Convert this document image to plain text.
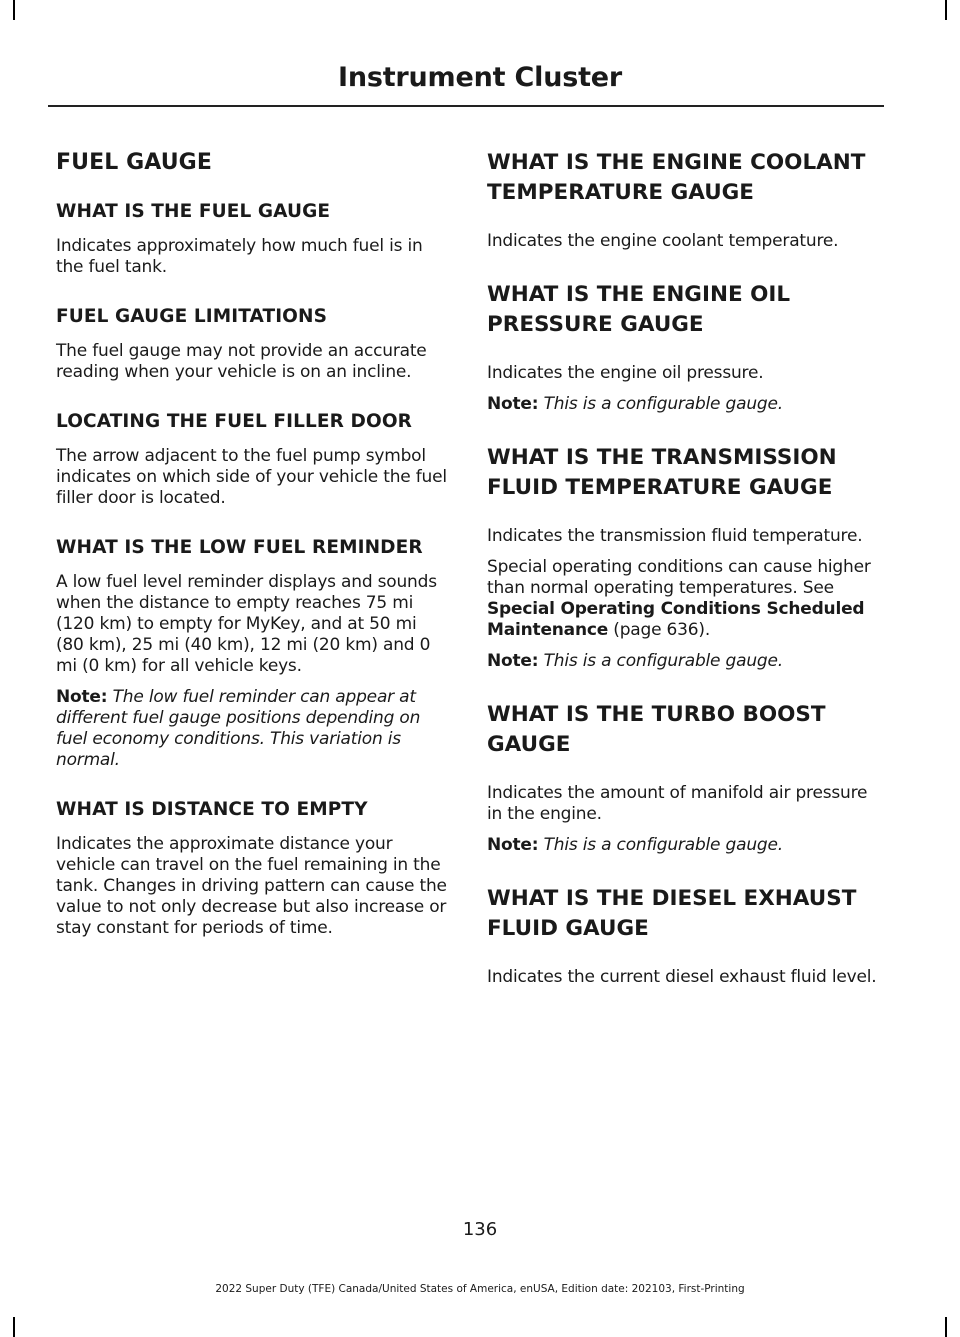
Instrument Cluster
FUEL GAUGE
WHAT IS THE FUEL GAUGE

Indicates approximately how much fuel is in the fuel tank.

FUEL GAUGE LIMITATIONS

The fuel gauge may not provide an accurate reading when your vehicle is on an incline.

LOCATING THE FUEL FILLER DOOR

The arrow adjacent to the fuel pump symbol indicates on which side of your vehicle the fuel filler door is located.

WHAT IS THE LOW FUEL REMINDER

A low fuel level reminder displays and sounds when the distance to empty reaches 75 mi (120 km) to empty for MyKey, and at 50 mi (80 km), 25 mi (40 km), 12 mi (20 km) and 0 mi (0 km) for all vehicle keys.

Note: The low fuel reminder can appear at different fuel gauge positions depending on fuel economy conditions. This variation is normal.

WHAT IS DISTANCE TO EMPTY

Indicates the approximate distance your vehicle can travel on the fuel remaining in the tank. Changes in driving pattern can cause the value to not only decrease but also increase or stay constant for periods of time.

WHAT IS THE ENGINE COOLANT TEMPERATURE GAUGE

Indicates the engine coolant temperature.

WHAT IS THE ENGINE OIL PRESSURE GAUGE

Indicates the engine oil pressure.

Note: This is a configurable gauge.

WHAT IS THE TRANSMISSION FLUID TEMPERATURE GAUGE

Indicates the transmission fluid temperature.

Special operating conditions can cause higher than normal operating temperatures. See Special Operating Conditions Scheduled Maintenance (page 636).

Note: This is a configurable gauge.

WHAT IS THE TURBO BOOST GAUGE

Indicates the amount of manifold air pressure in the engine.

Note: This is a configurable gauge.

WHAT IS THE DIESEL EXHAUST FLUID GAUGE

Indicates the current diesel exhaust fluid level.

136
2022 Super Duty (TFE) Canada/United States of America, enUSA, Edition date: 202103, First-Printing
